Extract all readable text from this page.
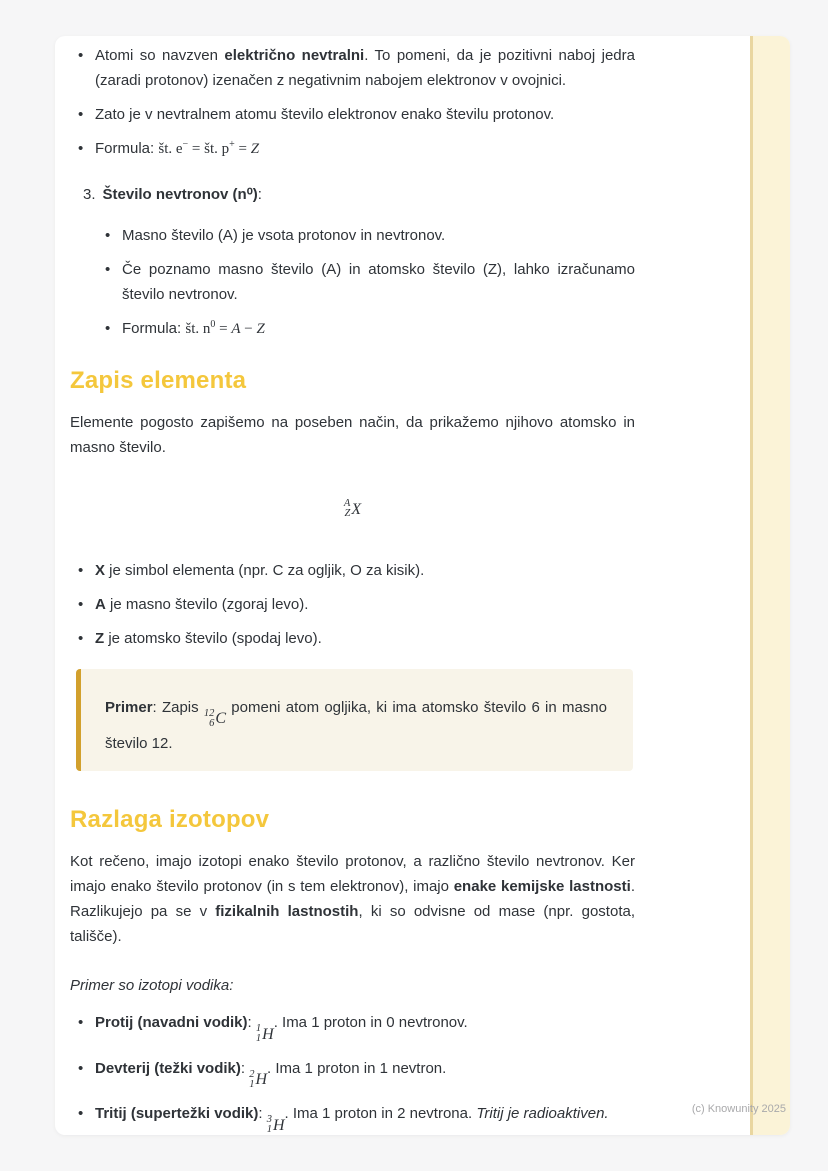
• Atomi so navzven električno nevtralni. To pomeni, da je pozitivni naboj jedra (zaradi protonov) izenačen z negativnim nabojem elektronov v ovojnici.
• Zato je v nevtralnem atomu število elektronov enako številu protonov.
• Formula: št. e− = št. p+ = Z
3. Število nevtronov (n⁰):
• Masno število (A) je vsota protonov in nevtronov.
• Če poznamo masno število (A) in atomsko število (Z), lahko izračunamo število nevtronov.
• Formula: št. $n^0 = A - Z$
Zapis elementa

Elemente pogosto zapišemo na poseben način, da prikažemo njihovo atomsko in masno število.

A
Z X
• X je simbol elementa (npr. C za ogljik, O za kisik).
• A je masno število (zgoraj levo).
• Z je atomsko število (spodaj levo).

Primer: Zapis 12
6 C
pomeni atom ogljika, ki ima atomsko število 6 in masno število 12.

Razlaga izotopov

Kot rečeno, imajo izotopi enako število protonov, a različno število nevtronov. Ker imajo enako število protonov (in s tem elektronov), imajo enake kemijske lastnosti. Razlikujejo pa se v fizikalnih lastnostih, ki so odvisne od mase (npr. gostota, tališče).

Primer so izotopi vodika:

• Protij (navadni vodik): 1
1 H
. Ima 1 proton in 0 nevtronov.
• Devterij (težki vodik): 2
1 H
. Ima 1 proton in 1 nevtron.
• Tritij (supertežki vodik): 3
1 H
. Ima 1 proton in 2 nevtrona. Tritij je radioaktiven.	(c) Knowunity 2025
